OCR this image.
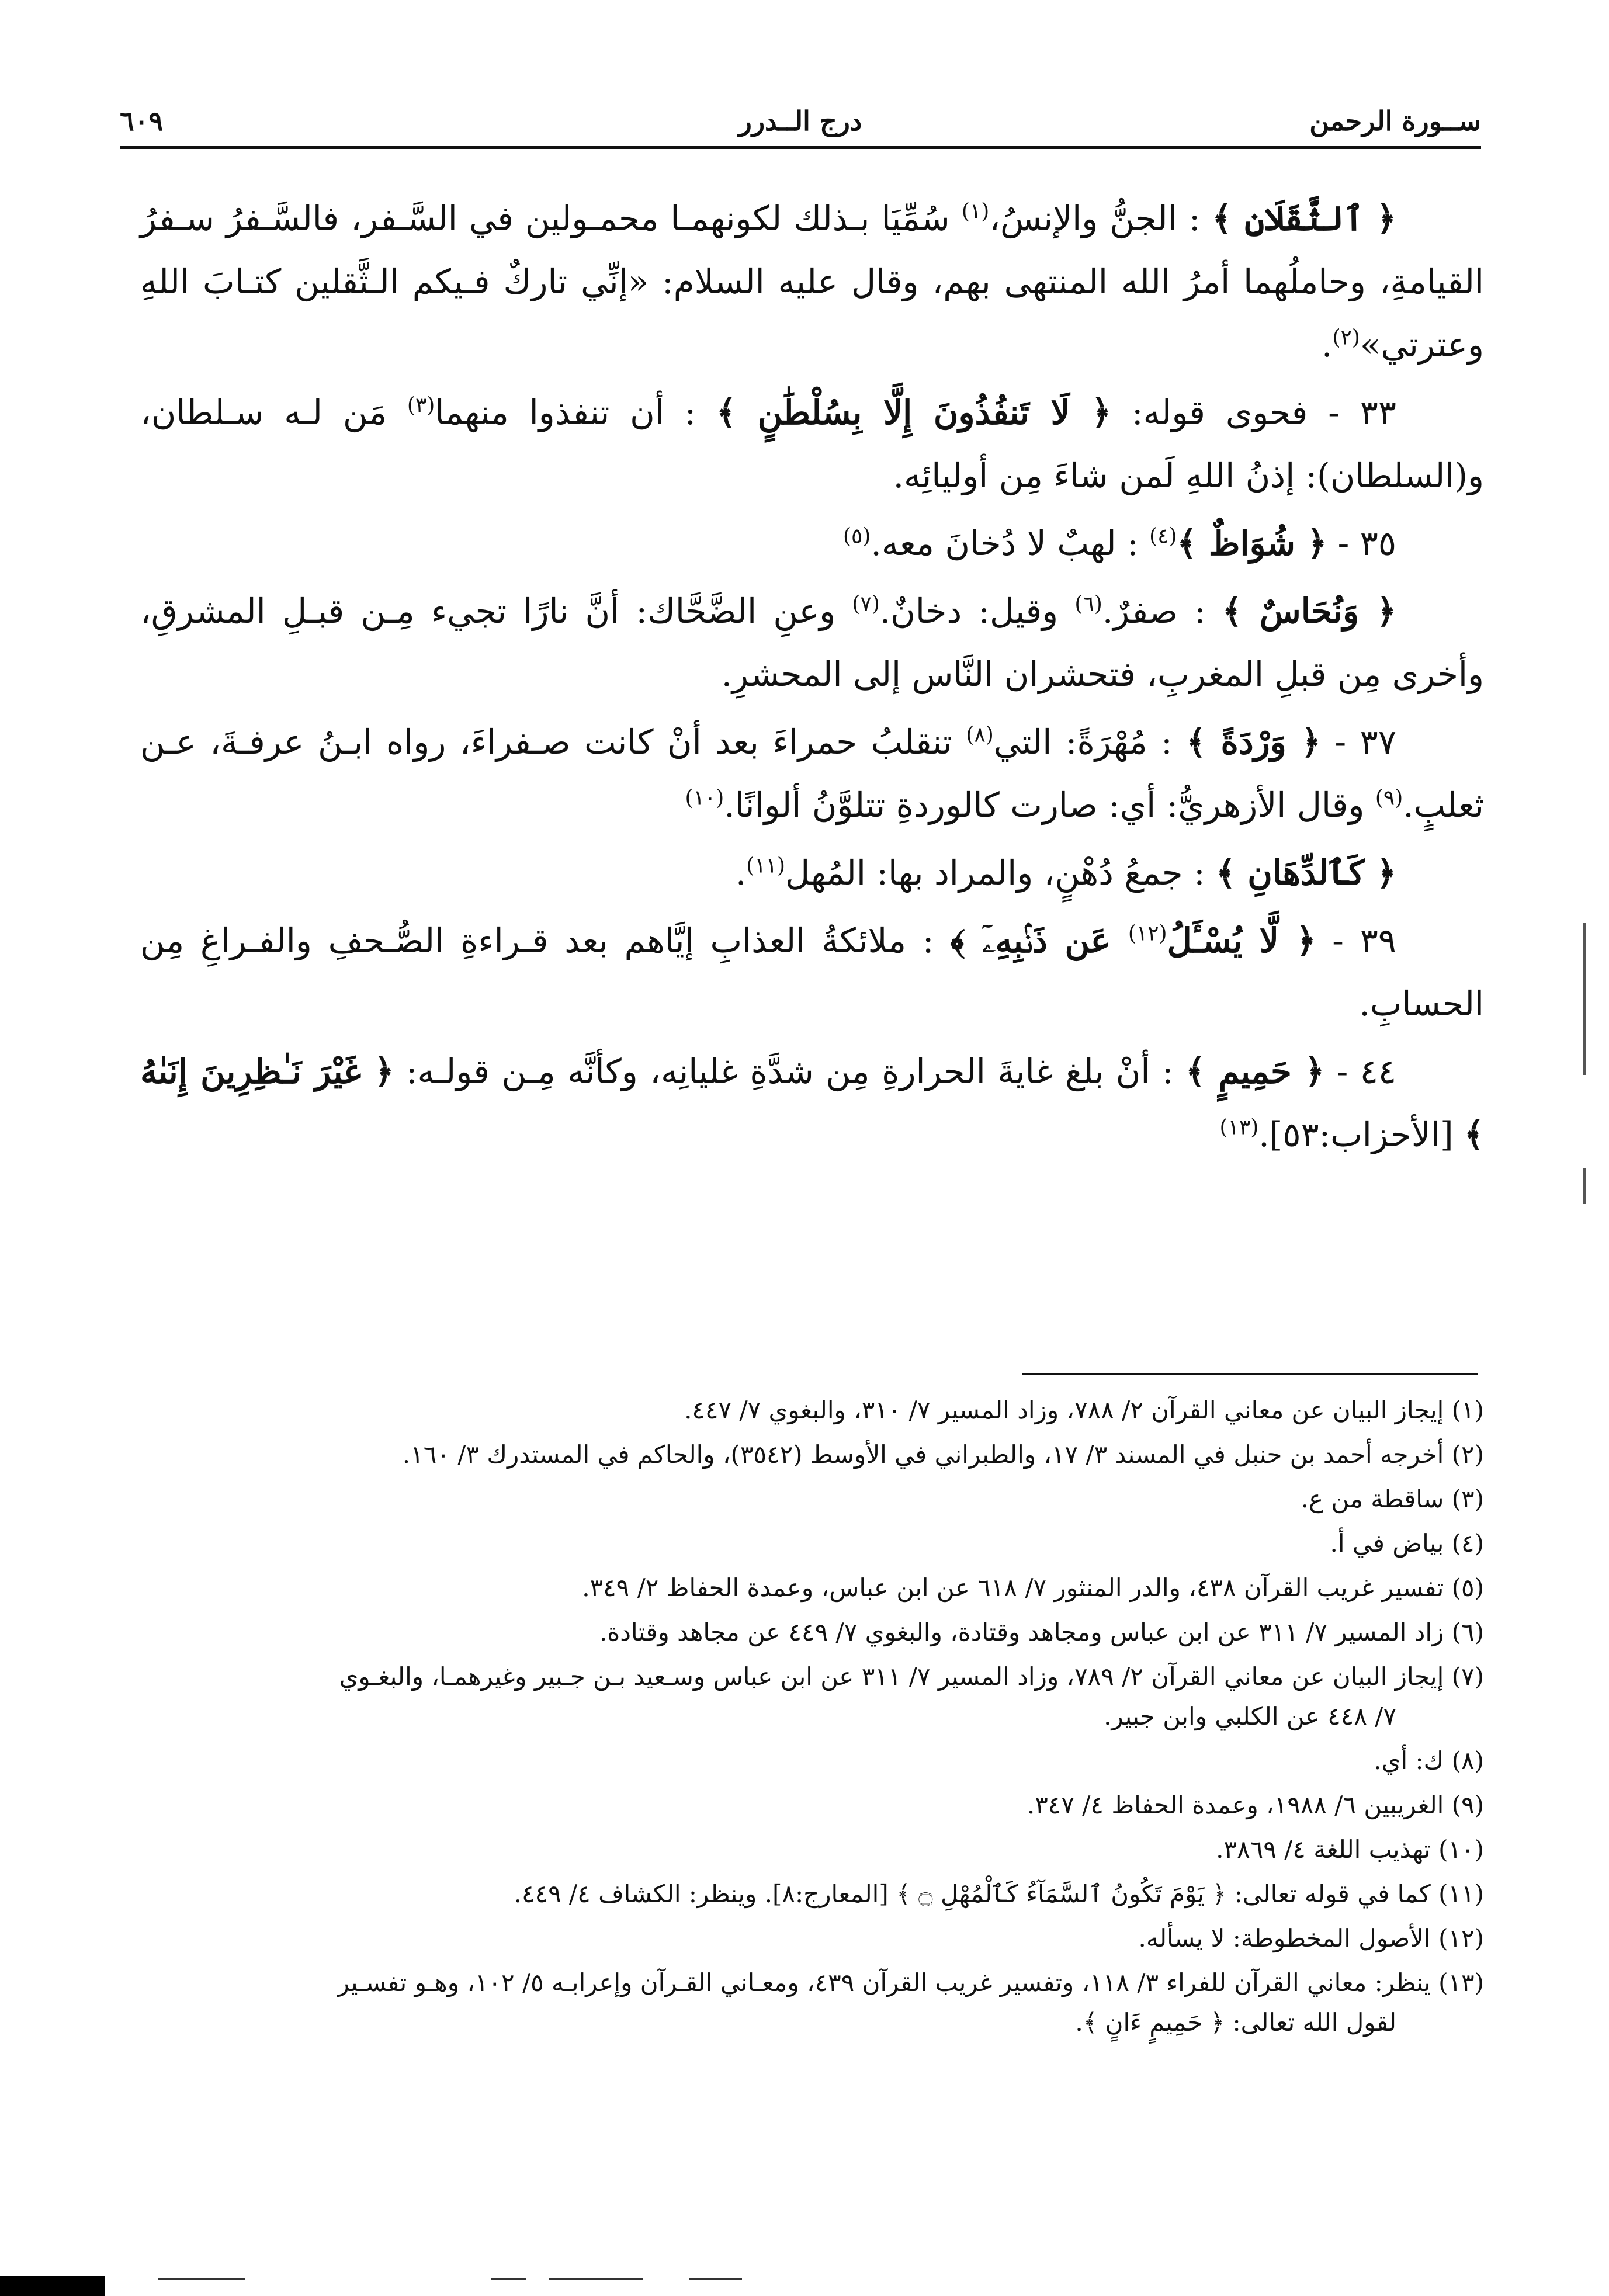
ســورة الرحمن
درج الــدرر
٦٠٩

﴿ ٱلثَّقَلَانِ ﴾ : الجنُّ والإنسُ،$^{(١)}$ سُمِّيَا بـذلك لكونهمـا محمـولين في السَّـفر، فالسَّـفرُ سـفرُ القيامةِ، وحاملُهما أمرُ الله المنتهى بهم، وقال عليه السلام: «إنِّي تاركٌ فـيكم الـثَّقلين كتـابَ اللهِ وعترتي»$^{(٢)}$.

٣٣ - فحوى قوله: ﴿ لَا تَنفُذُونَ إِلَّا بِسُلْطَٰنٍ ﴾ : أن تنفذوا منهما$^{(٣)}$ مَن لـه سـلطان، و(السلطان): إذنُ اللهِ لَمن شاءَ مِن أوليائِه.

٣٥ - ﴿ شُوَاظٌ ﴾$^{(٤)}$ : لهبٌ لا دُخانَ معه.$^{(٥)}$

﴿ وَنُحَاسٌ ﴾ : صفرٌ.$^{(٦)}$ وقيل: دخانٌ.$^{(٧)}$ وعنِ الضَّحَّاك: أنَّ نارًا تجيء مِـن قبـلِ المشرقِ، وأخرى مِن قبلِ المغربِ، فتحشران النَّاس إلى المحشرِ.

٣٧ - ﴿ وَرْدَةً ﴾ : مُهْرَةً: التي$^{(٨)}$ تنقلبُ حمراءَ بعد أنْ كانت صـفراءَ، رواه ابـنُ عرفـةَ، عـن ثعلبٍ.$^{(٩)}$ وقال الأزهريُّ: أي: صارت كالوردةِ تتلوَّنُ ألوانًا.$^{(١٠)}$

﴿ كَٱلدِّهَانِ ﴾ : جمعُ دُهْنٍ، والمراد بها: المُهل$^{(١١)}$.

٣٩ - ﴿ لَّا يُسْـَٔلُ$^{(١٢)}$ عَن ذَنۢبِهِۦٓ ﴾ : ملائكةُ العذابِ إيَّاهم بعد قـراءةِ الصُّـحفِ والفـراغِ مِن الحسابِ.

٤٤ - ﴿ حَمِيمٍ ﴾ : أنْ بلغ غايةَ الحرارةِ مِن شدَّةِ غليانِه، وكأنَّه مِـن قولـه: ﴿ غَيْرَ نَـٰظِرِينَ إِنَىٰهُ ﴾ [الأحزاب:٥٣].$^{(١٣)}$

(١) إيجاز البيان عن معاني القرآن ٢/ ٧٨٨، وزاد المسير ٧/ ٣١٠، والبغوي ٧/ ٤٤٧.
(٢) أخرجه أحمد بن حنبل في المسند ٣/ ١٧، والطبراني في الأوسط (٣٥٤٢)، والحاكم في المستدرك ٣/ ١٦٠.
(٣) ساقطة من ع.
(٤) بياض في أ.
(٥) تفسير غريب القرآن ٤٣٨، والدر المنثور ٧/ ٦١٨ عن ابن عباس، وعمدة الحفاظ ٢/ ٣٤٩.
(٦) زاد المسير ٧/ ٣١١ عن ابن عباس ومجاهد وقتادة، والبغوي ٧/ ٤٤٩ عن مجاهد وقتادة.
(٧) إيجاز البيان عن معاني القرآن ٢/ ٧٨٩، وزاد المسير ٧/ ٣١١ عن ابن عباس وسـعيد بـن جـبير وغيرهمـا، والبغـوي
٧/ ٤٤٨ عن الكلبي وابن جبير.
(٨) ك: أي.
(٩) الغريبين ٦/ ١٩٨٨، وعمدة الحفاظ ٤/ ٣٤٧.
(١٠) تهذيب اللغة ٤/ ٣٨٦٩.
(١١) كما في قوله تعالى: ﴿ يَوْمَ تَكُونُ ٱلسَّمَآءُ كَٱلْمُهْلِ ۝ ﴾ [المعارج:٨]. وينظر: الكشاف ٤/ ٤٤٩.
(١٢) الأصول المخطوطة: لا يسأله.
(١٣) ينظر: معاني القرآن للفراء ٣/ ١١٨، وتفسير غريب القرآن ٤٣٩، ومعـاني القـرآن وإعرابـه ٥/ ١٠٢، وهـو تفسـير
لقول الله تعالى: ﴿ حَمِيمٍ ءَانٍ ﴾.
